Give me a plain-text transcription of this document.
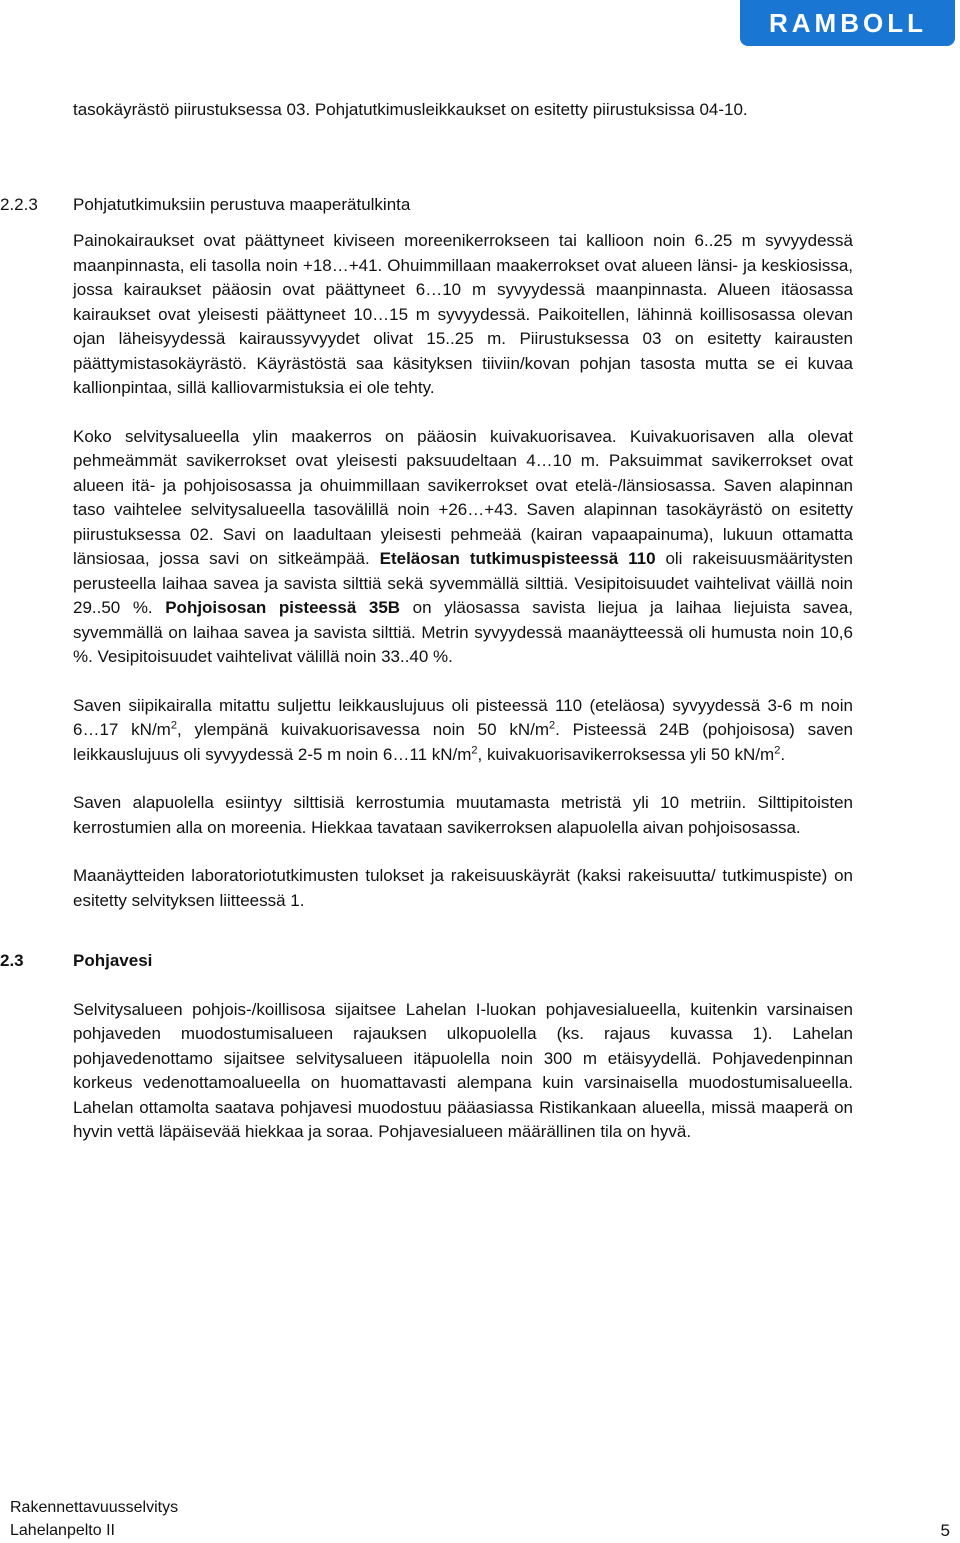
RAMBOLL

tasokäyrästö piirustuksessa 03. Pohjatutkimusleikkaukset on esitetty piirustuksissa 04-10.

2.2.3 Pohjatutkimuksiin perustuva maaperätulkinta

Painokairaukset ovat päättyneet kiviseen moreenikerrokseen tai kallioon noin 6..25 m syvyydessä maanpinnasta, eli tasolla noin +18…+41. Ohuimmillaan maakerrokset ovat alueen länsi- ja keskiosissa, jossa kairaukset pääosin ovat päättyneet 6…10 m syvyydessä maanpinnasta. Alueen itäosassa kairaukset ovat yleisesti päättyneet 10…15 m syvyydessä. Paikoitellen, lähinnä koillisosassa olevan ojan läheisyydessä kairaussyvyydet olivat 15..25 m. Piirustuksessa 03 on esitetty kairausten päättymistasokäyrästö. Käyrästöstä saa käsityksen tiiviin/kovan pohjan tasosta mutta se ei kuvaa kallionpintaa, sillä kalliovarmistuksia ei ole tehty.

Koko selvitysalueella ylin maakerros on pääosin kuivakuorisavea. Kuivakuorisaven alla olevat pehmeämmät savikerrokset ovat yleisesti paksuudeltaan 4…10 m. Paksuimmat savikerrokset ovat alueen itä- ja pohjoisosassa ja ohuimmillaan savikerrokset ovat etelä-/länsiosassa. Saven alapinnan taso vaihtelee selvitysalueella tasovälillä noin +26…+43. Saven alapinnan tasokäyrästö on esitetty piirustuksessa 02. Savi on laadultaan yleisesti pehmeää (kairan vapaapainuma), lukuun ottamatta länsiosaa, jossa savi on sitkeämpää. Eteläosan tutkimuspisteessä 110 oli rakeisuusmääritysten perusteella laihaa savea ja savista silttiä sekä syvemmällä silttiä. Vesipitoisuudet vaihtelivat väillä noin 29..50 %. Pohjoisosan pisteessä 35B on yläosassa savista liejua ja laihaa liejuista savea, syvemmällä on laihaa savea ja savista silttiä. Metrin syvyydessä maanäytteessä oli humusta noin 10,6 %. Vesipitoisuudet vaihtelivat välillä noin 33..40 %.

Saven siipikairalla mitattu suljettu leikkauslujuus oli pisteessä 110 (eteläosa) syvyydessä 3-6 m noin 6…17 $kN/m^2$, ylempänä kuivakuorisavessa noin 50 $kN/m^2$. Pisteessä 24B (pohjoisosa) saven leikkauslujuus oli syvyydessä 2-5 m noin 6…11 $kN/m^2$, kuivakuorisavikerroksessa yli 50 $kN/m^2$.

Saven alapuolella esiintyy silttisiä kerrostumia muutamasta metristä yli 10 metriin. Silttipitoisten kerrostumien alla on moreenia. Hiekkaa tavataan savikerroksen alapuolella aivan pohjoisosassa.

Maanäytteiden laboratoriotutkimusten tulokset ja rakeisuuskäyrät (kaksi rakeisuutta/ tutkimuspiste) on esitetty selvityksen liitteessä 1.

2.3	Pohjavesi

Selvitysalueen pohjois-/koillisosa sijaitsee Lahelan I-luokan pohjavesialueella, kuitenkin varsinaisen pohjaveden muodostumisalueen rajauksen ulkopuolella (ks. rajaus kuvassa 1). Lahelan pohjavedenottamo sijaitsee selvitysalueen itäpuolella noin 300 m etäisyydellä. Pohjavedenpinnan korkeus vedenottamoalueella on huomattavasti alempana kuin varsinaisella muodostumisalueella. Lahelan ottamolta saatava pohjavesi muodostuu pääasiassa Ristikankaan alueella, missä maaperä on hyvin vettä läpäisevää hiekkaa ja soraa. Pohjavesialueen määrällinen tila on hyvä.

Rakennettavuusselvitys
Lahelanpelto II	5
